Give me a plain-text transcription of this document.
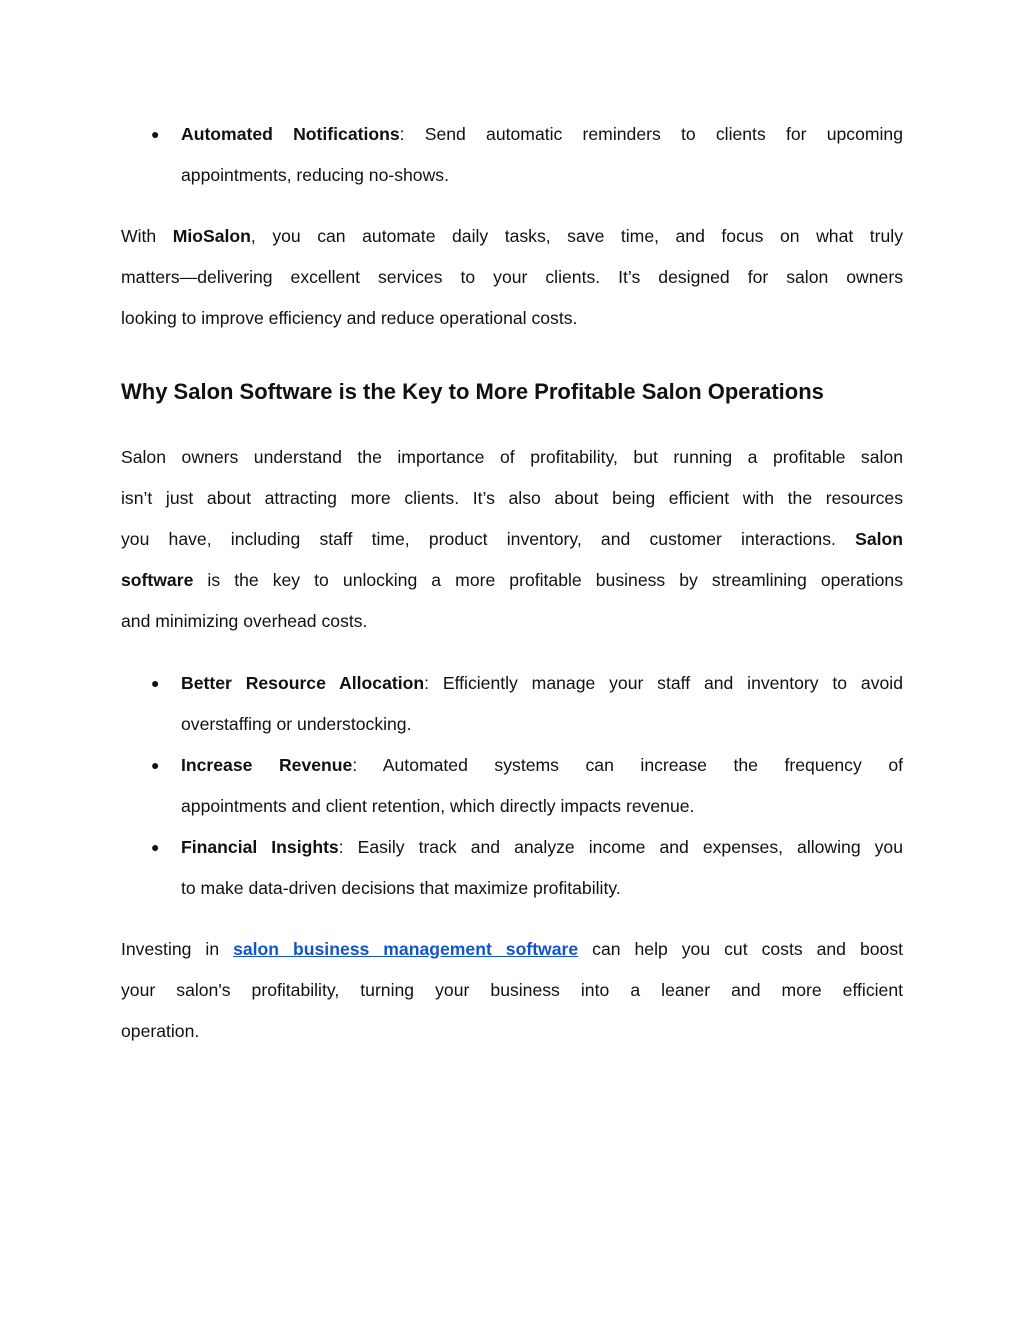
Why Salon Software is the Key to More Profitable Salon Operations
● Automated Notifications: Send automatic reminders to clients for upcoming
appointments, reducing no-shows.
With MioSalon, you can automate daily tasks, save time, and focus on what truly
matters—delivering excellent services to your clients. It’s designed for salon owners
looking to improve efficiency and reduce operational costs.
Salon owners understand the importance of profitability, but running a profitable salon
isn’t just about attracting more clients. It’s also about being efficient with the resources
you have, including staff time, product inventory, and customer interactions. Salon
software is the key to unlocking a more profitable business by streamlining operations
and minimizing overhead costs.
● Better Resource Allocation: Efficiently manage your staff and inventory to avoid
overstaffing or understocking.
● Increase Revenue: Automated systems can increase the frequency of
appointments and client retention, which directly impacts revenue.
● Financial Insights: Easily track and analyze income and expenses, allowing you
to make data-driven decisions that maximize profitability.
Investing in salon business management software can help you cut costs and boost
your salon's profitability, turning your business into a leaner and more efficient
operation.
